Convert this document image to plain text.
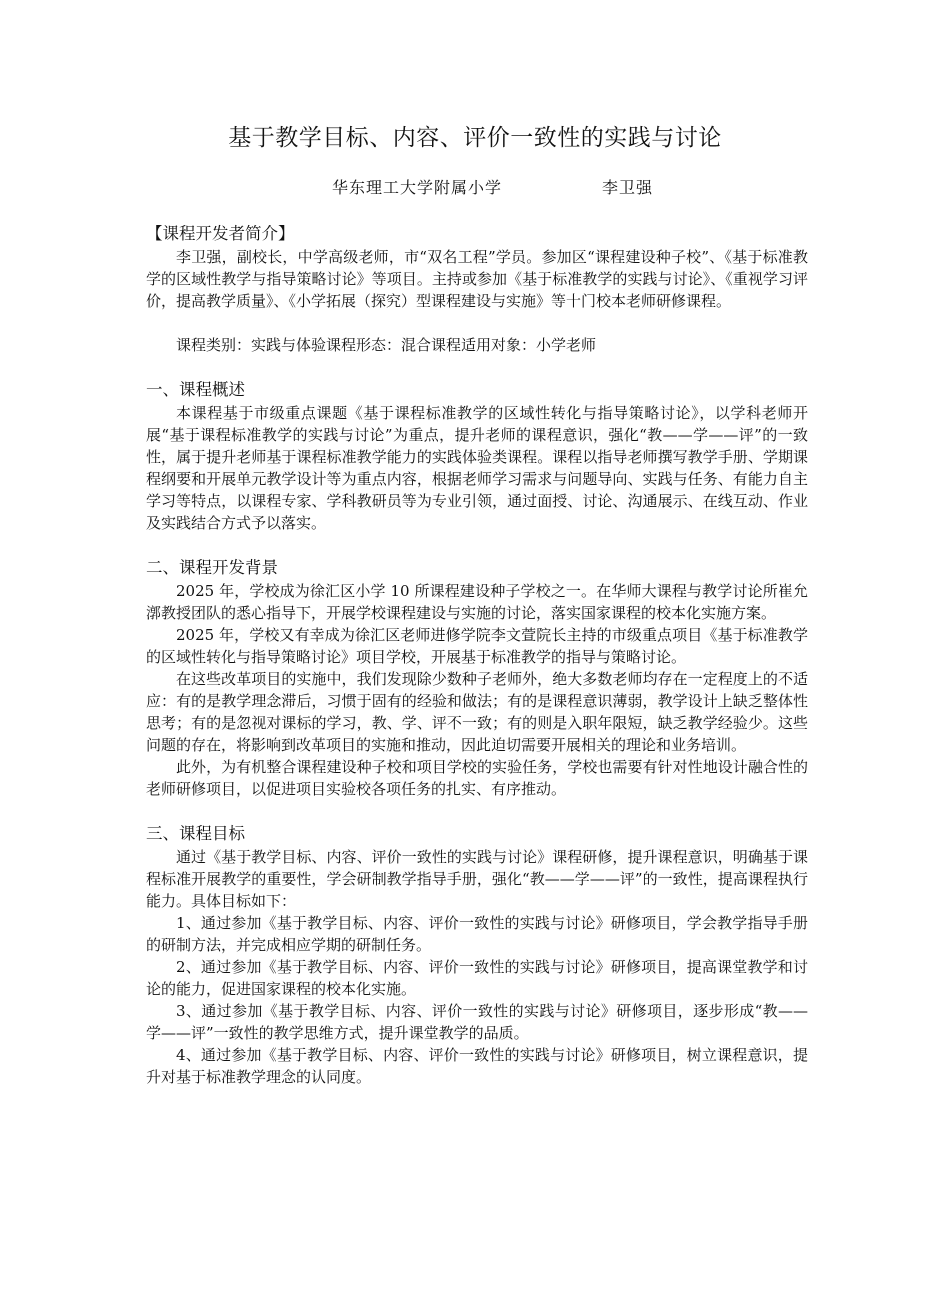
基于教学目标、内容、评价一致性的实践与讨论
华东理工大学附属小学	李卫强
【课程开发者简介】

李卫强，副校长，中学高级老师，市“双名工程”学员。参加区“课程建设种子校”、《基于标准教学的区域性教学与指导策略讨论》等项目。主持或参加《基于标准教学的实践与讨论》、《重视学习评价，提高教学质量》、《小学拓展（探究）型课程建设与实施》等十门校本老师研修课程。

课程类别：实践与体验课程形态：混合课程适用对象：小学老师

一、课程概述

本课程基于市级重点课题《基于课程标准教学的区域性转化与指导策略讨论》，以学科老师开展“基于课程标准教学的实践与讨论”为重点，提升老师的课程意识，强化“教——学——评”的一致性，属于提升老师基于课程标准教学能力的实践体验类课程。课程以指导老师撰写教学手册、学期课程纲要和开展单元教学设计等为重点内容，根据老师学习需求与问题导向、实践与任务、有能力自主学习等特点，以课程专家、学科教研员等为专业引领，通过面授、讨论、沟通展示、在线互动、作业及实践结合方式予以落实。

二、课程开发背景

2025 年，学校成为徐汇区小学 10 所课程建设种子学校之一。在华师大课程与教学讨论所崔允漷教授团队的悉心指导下，开展学校课程建设与实施的讨论，落实国家课程的校本化实施方案。

2025 年，学校又有幸成为徐汇区老师进修学院李文萱院长主持的市级重点项目《基于标准教学的区域性转化与指导策略讨论》项目学校，开展基于标准教学的指导与策略讨论。

在这些改革项目的实施中，我们发现除少数种子老师外，绝大多数老师均存在一定程度上的不适应：有的是教学理念滞后，习惯于固有的经验和做法；有的是课程意识薄弱，教学设计上缺乏整体性思考；有的是忽视对课标的学习，教、学、评不一致；有的则是入职年限短，缺乏教学经验少。这些问题的存在，将影响到改革项目的实施和推动，因此迫切需要开展相关的理论和业务培训。

此外，为有机整合课程建设种子校和项目学校的实验任务，学校也需要有针对性地设计融合性的老师研修项目，以促进项目实验校各项任务的扎实、有序推动。

三、课程目标

通过《基于教学目标、内容、评价一致性的实践与讨论》课程研修，提升课程意识，明确基于课程标准开展教学的重要性，学会研制教学指导手册，强化“教——学——评”的一致性，提高课程执行能力。具体目标如下：

1、通过参加《基于教学目标、内容、评价一致性的实践与讨论》研修项目，学会教学指导手册的研制方法，并完成相应学期的研制任务。

2、通过参加《基于教学目标、内容、评价一致性的实践与讨论》研修项目，提高课堂教学和讨论的能力，促进国家课程的校本化实施。

3、通过参加《基于教学目标、内容、评价一致性的实践与讨论》研修项目，逐步形成“教——学——评”一致性的教学思维方式，提升课堂教学的品质。

4、通过参加《基于教学目标、内容、评价一致性的实践与讨论》研修项目，树立课程意识，提升对基于标准教学理念的认同度。
